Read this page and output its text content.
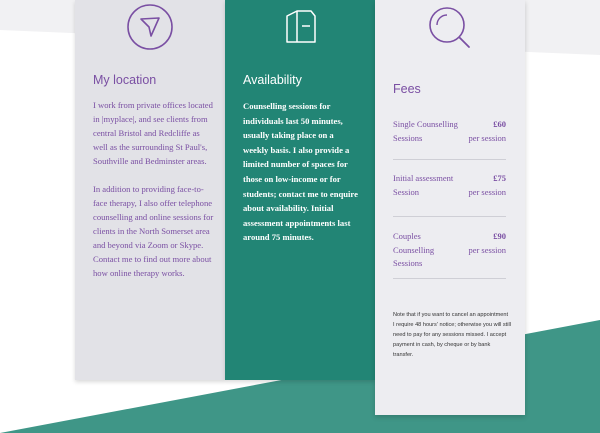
My location
I work from private offices located in |myplace|, and see clients from central Bristol and Redcliffe as well as the surrounding St Paul's, Southville and Bedminster areas.
In addition to providing face-to-face therapy, I also offer telephone counselling and online sessions for clients in the North Somerset area and beyond via Zoom or Skype. Contact me to find out more about how online therapy works.
Availability
Counselling sessions for individuals last 50 minutes, usually taking place on a weekly basis. I also provide a limited number of spaces for those on low-income or for students; contact me to enquire about availability. Initial assessment appointments last around 75 minutes.
Fees
Single Counselling Sessions
£60
per session
Initial assessment Session
£75
per session
Couples Counselling Sessions
£90
per session
Note that if you want to cancel an appointment I require 48 hours' notice; otherwise you will still need to pay for any sessions missed. I accept payment in cash, by cheque or by bank transfer.
